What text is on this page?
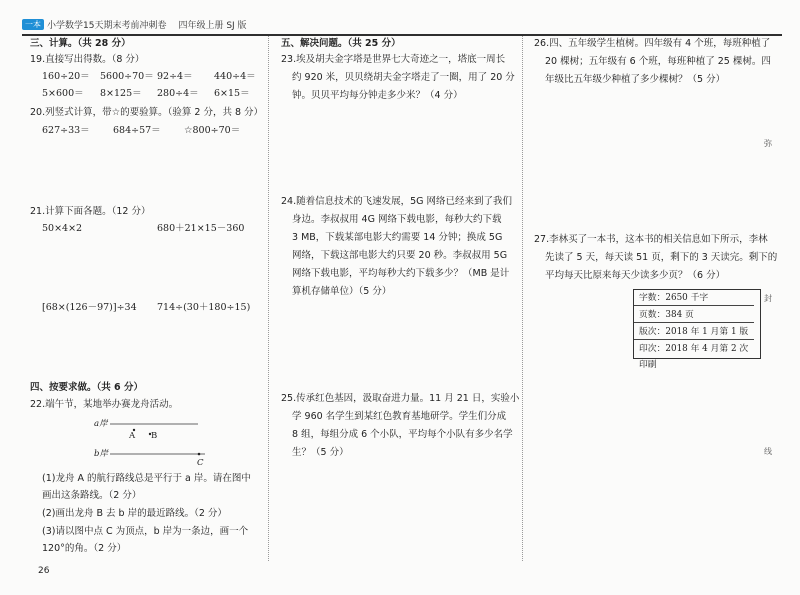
一本 小学数学15天期末考前冲刺卷 四年级上册 SJ 版
三、计算。（共 28 分）
19.直接写出得数。（8 分）
160÷20＝ 5600÷70＝ 92÷4＝ 440÷4＝
5×600＝ 8×125＝ 280÷4＝ 6×15＝
20.列竖式计算，带☆的要验算。（验算 2 分，共 8 分）
627÷33＝ 684÷57＝ ☆800÷70＝
21.计算下面各题。（12 分）
50×4×2	680＋21×15－360
[68×(126－97)]÷34 714÷(30＋180÷15)
四、按要求做。（共 6 分）
22.端午节，某地举办赛龙舟活动。
a岸
b岸
A B
C
(1)龙舟 A 的航行路线总是平行于 a 岸。请在图中
画出这条路线。（2 分）
(2)画出龙舟 B 去 b 岸的最近路线。（2 分）
(3)请以图中点 C 为顶点，b 岸为一条边，画一个
120°的角。（2 分）
五、解决问题。（共 25 分）
23.埃及胡夫金字塔是世界七大奇迹之一，塔底一周长
约 920 米，贝贝绕胡夫金字塔走了一圈，用了 20 分
钟。贝贝平均每分钟走多少米？（4 分）
24.随着信息技术的飞速发展，5G 网络已经来到了我们
身边。李叔叔用 4G 网络下载电影，每秒大约下载
3 MB，下载某部电影大约需要 14 分钟；换成 5G
网络，下载这部电影大约只要 20 秒。李叔叔用 5G
网络下载电影，平均每秒大约下载多少？（MB 是计
算机存储单位）（5 分）
25.传承红色基因，汲取奋进力量。11 月 21 日，实验小
学 960 名学生到某红色教育基地研学。学生们分成
8 组，每组分成 6 个小队，平均每个小队有多少名学
生？（5 分）
26.四、五年级学生植树。四年级有 4 个班，每班种植了
20 棵树；五年级有 6 个班，每班种植了 25 棵树。四
年级比五年级少种植了多少棵树？（5 分）
27.李林买了一本书，这本书的相关信息如下所示，李林
先读了 5 天，每天读 51 页，剩下的 3 天读完。剩下的
平均每天比原来每天少读多少页？（6 分）
字数：2650 千字
页数：384 页
版次：2018 年 1 月第 1 版
印次：2018 年 4 月第 2 次印刷
弥
封
线
26
